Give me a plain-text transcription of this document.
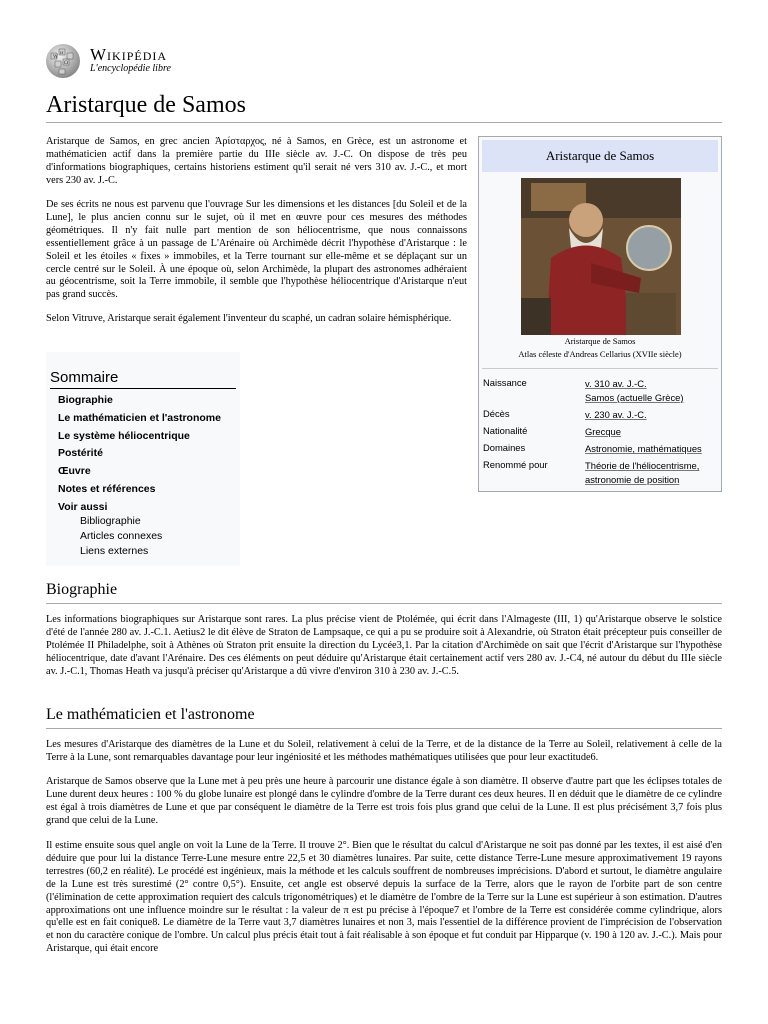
W
Ω
И Wikipédia
L'encyclopédie libre
Aristarque de Samos

Aristarque de Samos, en grec ancien Ἀρίσταρχος, né à Samos, en Grèce, est un astronome et mathématicien actif dans la première partie du IIIe siècle av. J.-C. On dispose de très peu d'informations biographiques, certains historiens estiment qu'il serait né vers 310 av. J.-C., et mort vers 230 av. J.-C.

De ses écrits ne nous est parvenu que l'ouvrage Sur les dimensions et les distances [du Soleil et de la Lune], le plus ancien connu sur le sujet, où il met en œuvre pour ces mesures des méthodes géométriques. Il n'y fait nulle part mention de son héliocentrisme, que nous connaissons essentiellement grâce à un passage de L'Arénaire où Archimède décrit l'hypothèse d'Aristarque : le Soleil et les étoiles « fixes » immobiles, et la Terre tournant sur elle-même et se déplaçant sur un cercle centré sur le Soleil. À une époque où, selon Archimède, la plupart des astronomes adhéraient au géocentrisme, soit la Terre immobile, il semble que l'hypothèse héliocentrique d'Aristarque n'eut pas grand succès.

Selon Vitruve, Aristarque serait également l'inventeur du scaphé, un cadran solaire hémisphérique.

Aristarque de Samos
Aristarque de Samos
Atlas céleste d'Andreas Cellarius (XVIIe siècle)
Naissance	v. 310 av. J.-C.
Samos (actuelle Grèce)
Décès	v. 230 av. J.-C.
Nationalité	Grecque
Domaines	Astronomie, mathématiques
Renommé pour	Théorie de l'héliocentrisme,
astronomie de position
Sommaire
Biographie
Le mathématicien et l'astronome
Le système héliocentrique
Postérité
Œuvre
Notes et références
Voir aussi
Bibliographie
Articles connexes
Liens externes
Biographie

Les informations biographiques sur Aristarque sont rares. La plus précise vient de Ptolémée, qui écrit dans l'Almageste (III, 1) qu'Aristarque observe le solstice d'été de l'année 280 av. J.-C.1. Aetius2 le dit élève de Straton de Lampsaque, ce qui a pu se produire soit à Alexandrie, où Straton était précepteur puis conseiller de Ptolémée II Philadelphe, soit à Athènes où Straton prit ensuite la direction du Lycée3,1. Par la citation d'Archimède on sait que l'écrit d'Aristarque sur l'hypothèse héliocentrique, date d'avant l'Arénaire. Des ces éléments on peut déduire qu'Aristarque était certainement actif vers 280 av. J.-C4, né autour du début du IIIe siècle av. J.-C.1, Thomas Heath va jusqu'à préciser qu'Aristarque a dû vivre d'environ 310 à 230 av. J.-C.5.

Le mathématicien et l'astronome

Les mesures d'Aristarque des diamètres de la Lune et du Soleil, relativement à celui de la Terre, et de la distance de la Terre au Soleil, relativement à celle de la Terre à la Lune, sont remarquables davantage pour leur ingéniosité et les méthodes mathématiques utilisées que pour leur exactitude6.

Aristarque de Samos observe que la Lune met à peu près une heure à parcourir une distance égale à son diamètre. Il observe d'autre part que les éclipses totales de Lune durent deux heures : 100 % du globe lunaire est plongé dans le cylindre d'ombre de la Terre durant ces deux heures. Il en déduit que le diamètre de ce cylindre est égal à trois diamètres de Lune et que par conséquent le diamètre de la Terre est trois fois plus grand que celui de la Lune. Il est plus précisément 3,7 fois plus grand que celui de la Lune.

Il estime ensuite sous quel angle on voit la Lune de la Terre. Il trouve 2°. Bien que le résultat du calcul d'Aristarque ne soit pas donné par les textes, il est aisé d'en déduire que pour lui la distance Terre-Lune mesure entre 22,5 et 30 diamètres lunaires. Par suite, cette distance Terre-Lune mesure approximativement 19 rayons terrestres (60,2 en réalité). Le procédé est ingénieux, mais la méthode et les calculs souffrent de nombreuses imprécisions. D'abord et surtout, le diamètre angulaire de la Lune est très surestimé (2° contre 0,5°). Ensuite, cet angle est observé depuis la surface de la Terre, alors que le rayon de l'orbite part de son centre (l'élimination de cette approximation requiert des calculs trigonométriques) et le diamètre de l'ombre de la Terre sur la Lune est supérieur à son estimation. D'autres approximations ont une influence moindre sur le résultat : la valeur de π est pu précise à l'époque7 et l'ombre de la Terre est considérée comme cylindrique, alors qu'elle est en fait conique8. Le diamètre de la Terre vaut 3,7 diamètres lunaires et non 3, mais l'essentiel de la différence provient de l'imprécision de l'observation et non du caractère conique de l'ombre. Un calcul plus précis était tout à fait réalisable à son époque et fut conduit par Hipparque (v. 190 à 120 av. J.-C.). Mais pour Aristarque, qui était encore
